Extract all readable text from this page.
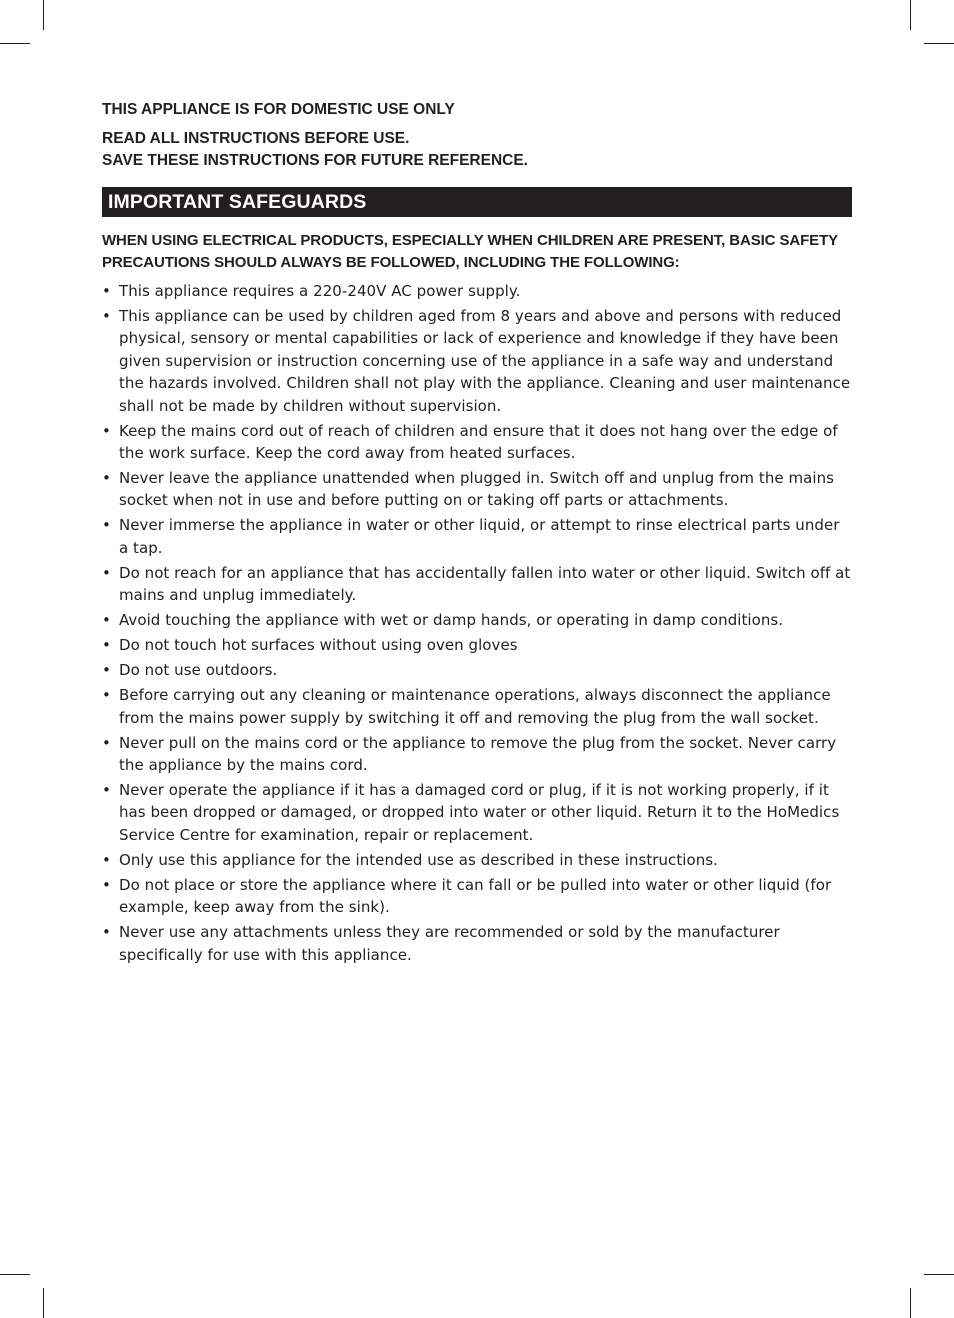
THIS APPLIANCE IS FOR DOMESTIC USE ONLY

READ ALL INSTRUCTIONS BEFORE USE.

SAVE THESE INSTRUCTIONS FOR FUTURE REFERENCE.

IMPORTANT SAFEGUARDS
WHEN USING ELECTRICAL PRODUCTS, ESPECIALLY WHEN CHILDREN ARE PRESENT, BASIC SAFETY PRECAUTIONS SHOULD ALWAYS BE FOLLOWED, INCLUDING THE FOLLOWING:
• This appliance requires a 220-240V AC power supply.
• This appliance can be used by children aged from 8 years and above and persons with reduced physical, sensory or mental capabilities or lack of experience and knowledge if they have been given supervision or instruction concerning use of the appliance in a safe way and understand the hazards involved. Children shall not play with the appliance. Cleaning and user maintenance shall not be made by children without supervision.
• Keep the mains cord out of reach of children and ensure that it does not hang over the edge of the work surface. Keep the cord away from heated surfaces.
• Never leave the appliance unattended when plugged in. Switch off and unplug from the mains socket when not in use and before putting on or taking off parts or attachments.
• Never immerse the appliance in water or other liquid, or attempt to rinse electrical parts under a tap.
• Do not reach for an appliance that has accidentally fallen into water or other liquid. Switch off at mains and unplug immediately.
• Avoid touching the appliance with wet or damp hands, or operating in damp conditions.
• Do not touch hot surfaces without using oven gloves
• Do not use outdoors.
• Before carrying out any cleaning or maintenance operations, always disconnect the appliance from the mains power supply by switching it off and removing the plug from the wall socket.
• Never pull on the mains cord or the appliance to remove the plug from the socket. Never carry the appliance by the mains cord.
• Never operate the appliance if it has a damaged cord or plug, if it is not working properly, if it has been dropped or damaged, or dropped into water or other liquid. Return it to the HoMedics Service Centre for examination, repair or replacement.
• Only use this appliance for the intended use as described in these instructions.
• Do not place or store the appliance where it can fall or be pulled into water or other liquid (for example, keep away from the sink).
• Never use any attachments unless they are recommended or sold by the manufacturer specifically for use with this appliance.
